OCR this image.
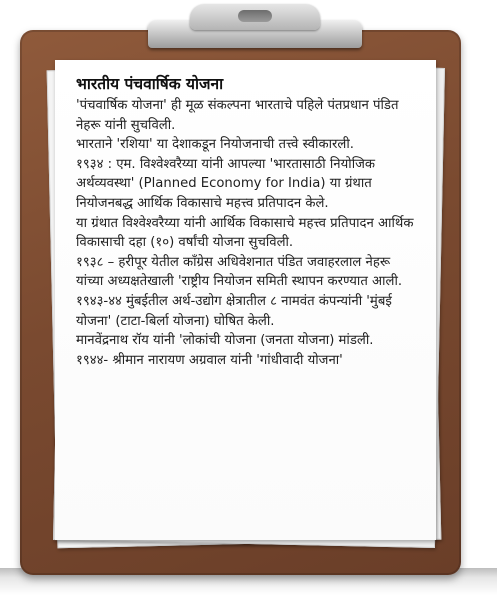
भारतीय पंचवार्षिक योजना

'पंचवार्षिक योजना' ही मूळ संकल्पना भारताचे पहिले पंतप्रधान पंडित नेहरू यांनी सुचविली.

भारताने 'रशिया' या देशाकडून नियोजनाची तत्त्वे स्वीकारली.

१९३४ : एम. विश्वेश्वरैय्या यांनी आपल्या 'भारतासाठी नियोजिक अर्थव्यवस्था' (Planned Economy for India) या ग्रंथात नियोजनबद्ध आर्थिक विकासाचे महत्त्व प्रतिपादन केले.

या ग्रंथात विश्वेश्वरैय्या यांनी आर्थिक विकासाचे महत्त्व प्रतिपादन आर्थिक विकासाची दहा (१०) वर्षांची योजना सुचविली.

१९३८ – हरीपूर येतील कॉंग्रेस अधिवेशनात पंडित जवाहरलाल नेहरू यांच्या अध्यक्षतेखाली 'राष्ट्रीय नियोजन समिती स्थापन करण्यात आली.

१९४३-४४ मुंबईतील अर्थ-उद्योग क्षेत्रातील ८ नामवंत कंपन्यांनी 'मुंबई योजना' (टाटा-बिर्ला योजना) घोषित केली.

मानवेंद्रनाथ रॉय यांनी 'लोकांची योजना (जनता योजना) मांडली.

१९४४- श्रीमान नारायण अग्रवाल यांनी 'गांधीवादी योजना'
